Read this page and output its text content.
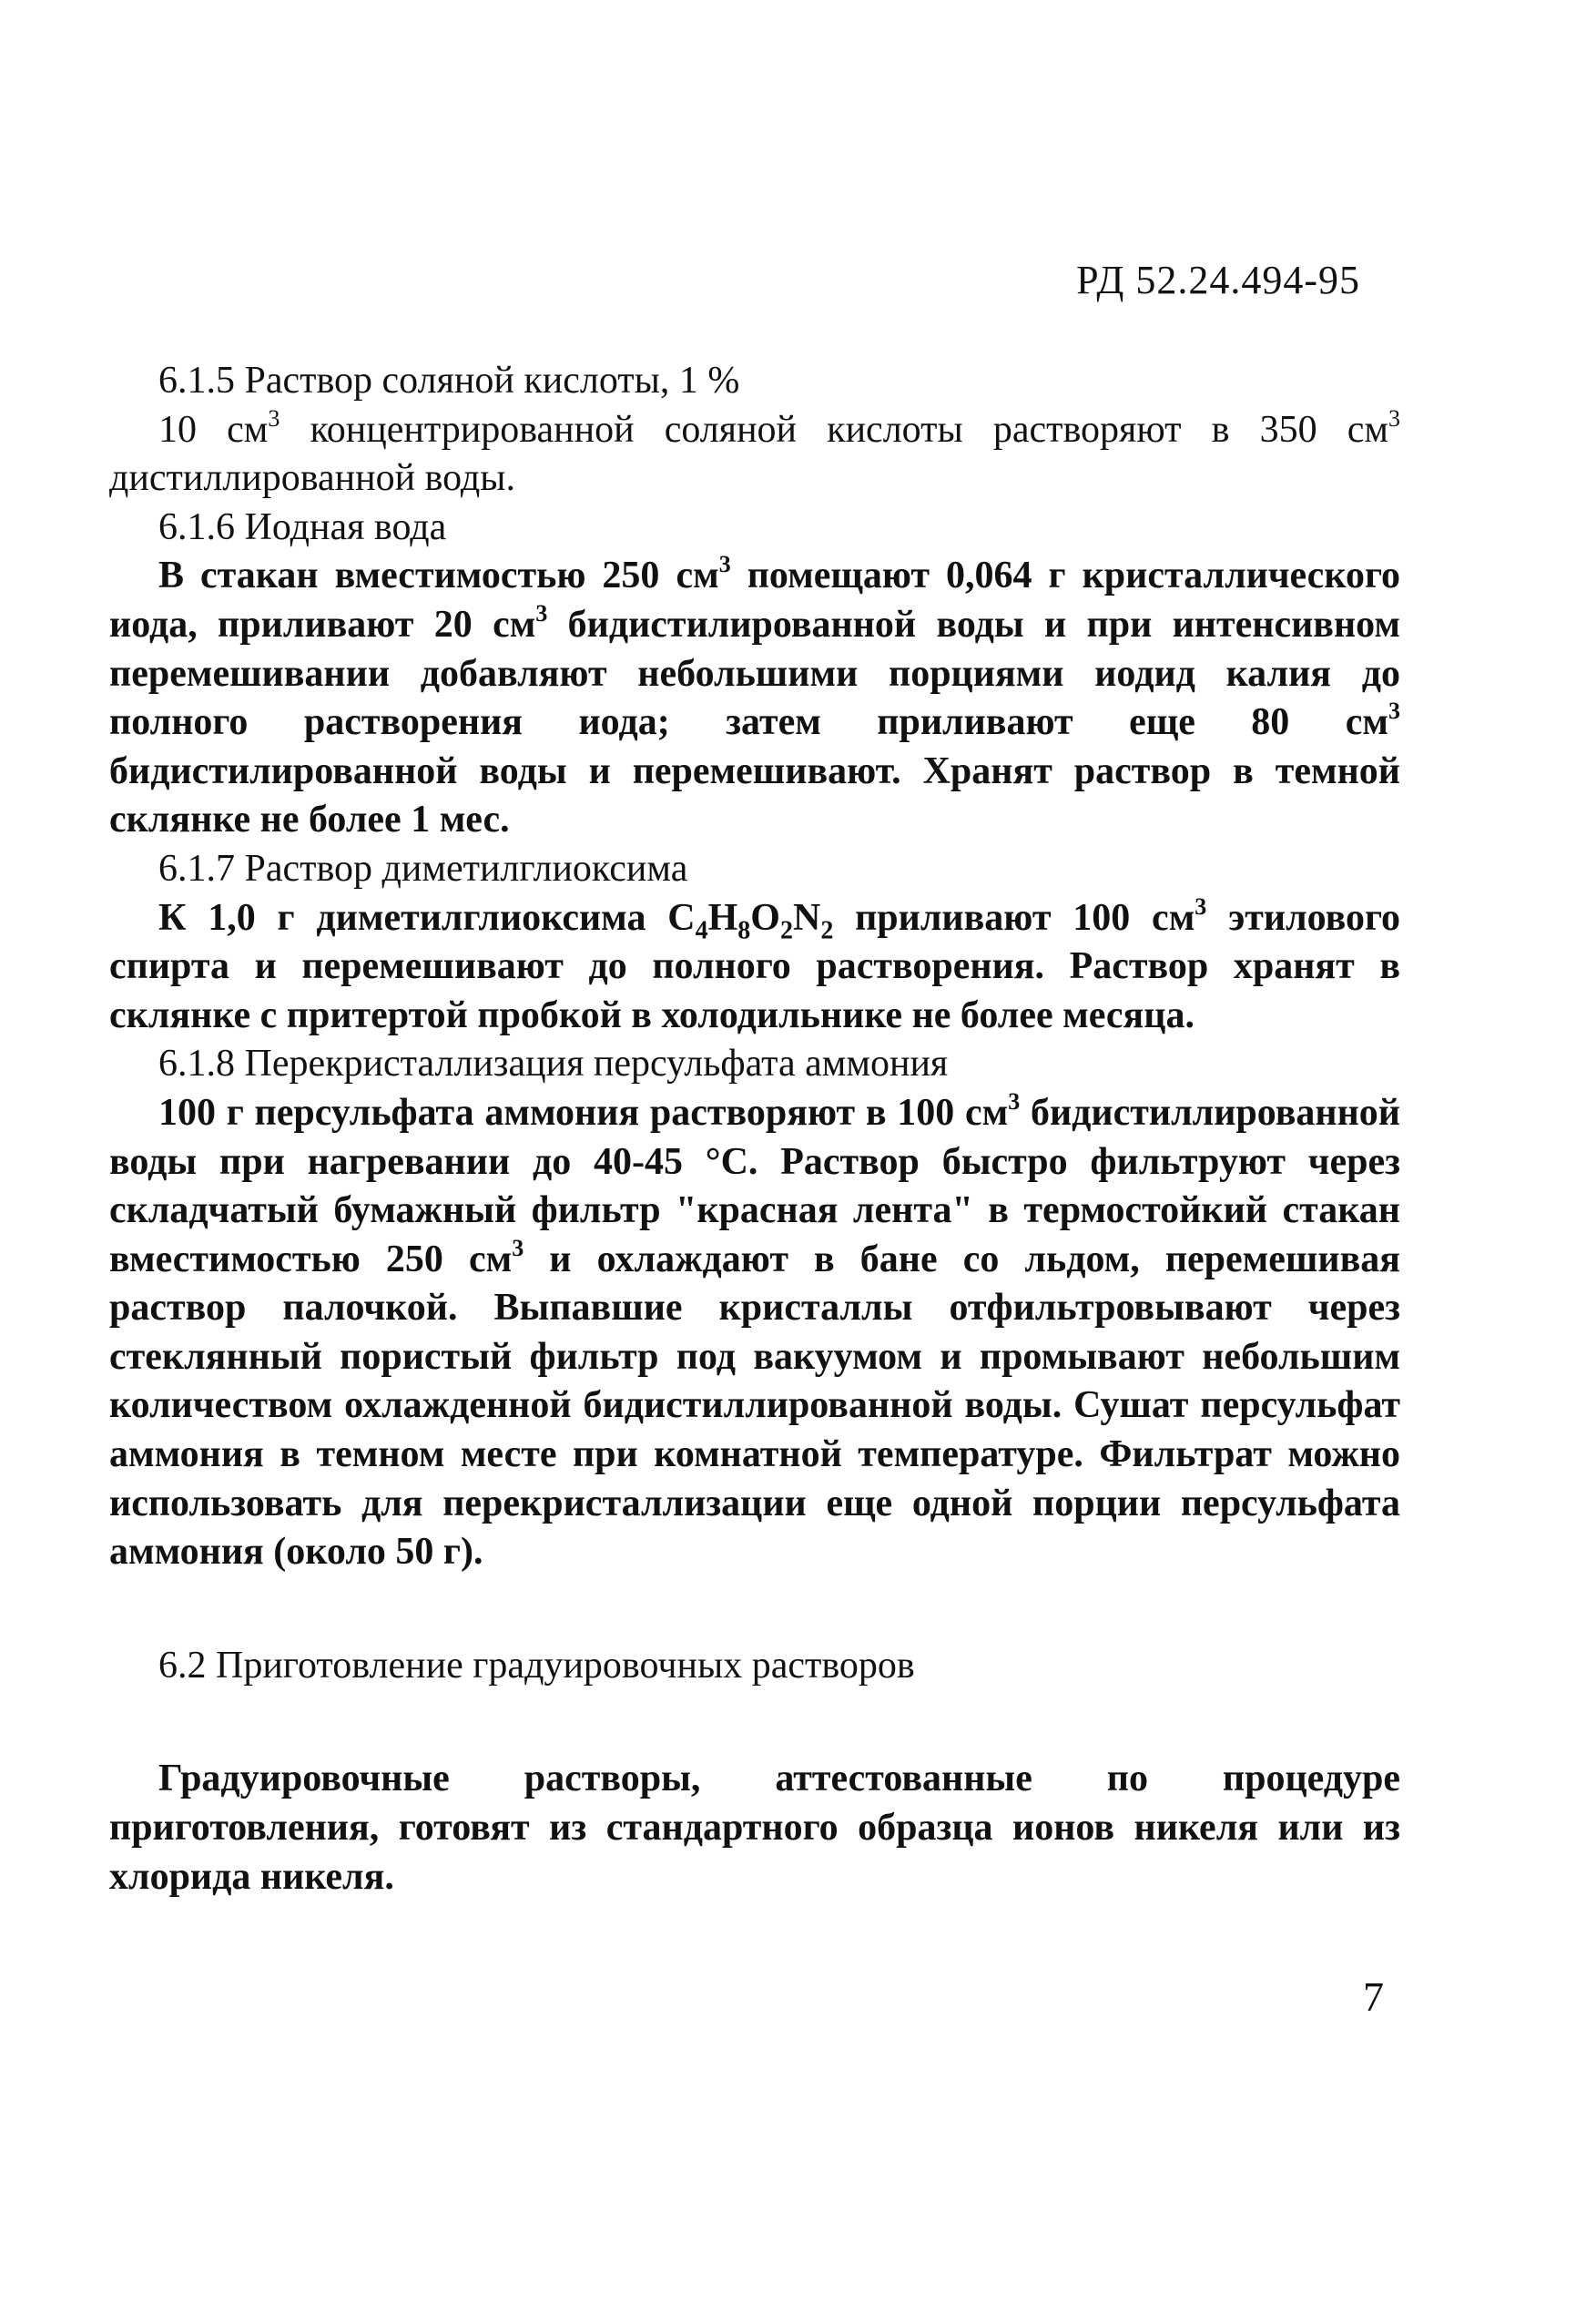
РД 52.24.494-95

6.1.5 Раствор соляной кислоты, 1 %

10 $см^3$ концентрированной соляной кислоты растворяют в 350 $см^3$ дистиллированной воды.

6.1.6 Иодная вода

В стакан вместимостью 250 $см^3$ помещают 0,064 г кристаллического иода, приливают 20 $см^3$ бидистилированной воды и при интенсивном перемешивании добавляют небольшими порциями иодид калия до полного растворения иода; затем приливают еще 80 $см^3$ бидистилированной воды и перемешивают. Хранят раствор в темной склянке не более 1 мес.

6.1.7 Раствор диметилглиоксима

К 1,0 г диметилглиоксима $C_4H_8O_2N_2$ приливают 100 $см^3$ этилового спирта и перемешивают до полного растворения. Раствор хранят в склянке с притертой пробкой в холодильнике не более месяца.

6.1.8 Перекристаллизация персульфата аммония

100 г персульфата аммония растворяют в 100 $см^3$ бидистиллированной воды при нагревании до 40-45 °С. Раствор быстро фильтруют через складчатый бумажный фильтр "красная лента" в термостойкий стакан вместимостью 250 $см^3$ и охлаждают в бане со льдом, перемешивая раствор палочкой. Выпавшие кристаллы отфильтровывают через стеклянный пористый фильтр под вакуумом и промывают небольшим количеством охлажденной бидистиллированной воды. Сушат персульфат аммония в темном месте при комнатной температуре. Фильтрат можно использовать для перекристаллизации еще одной порции персульфата аммония (около 50 г).

6.2 Приготовление градуировочных растворов

Градуировочные растворы, аттестованные по процедуре приготовления, готовят из стандартного образца ионов никеля или из хлорида никеля.

7
